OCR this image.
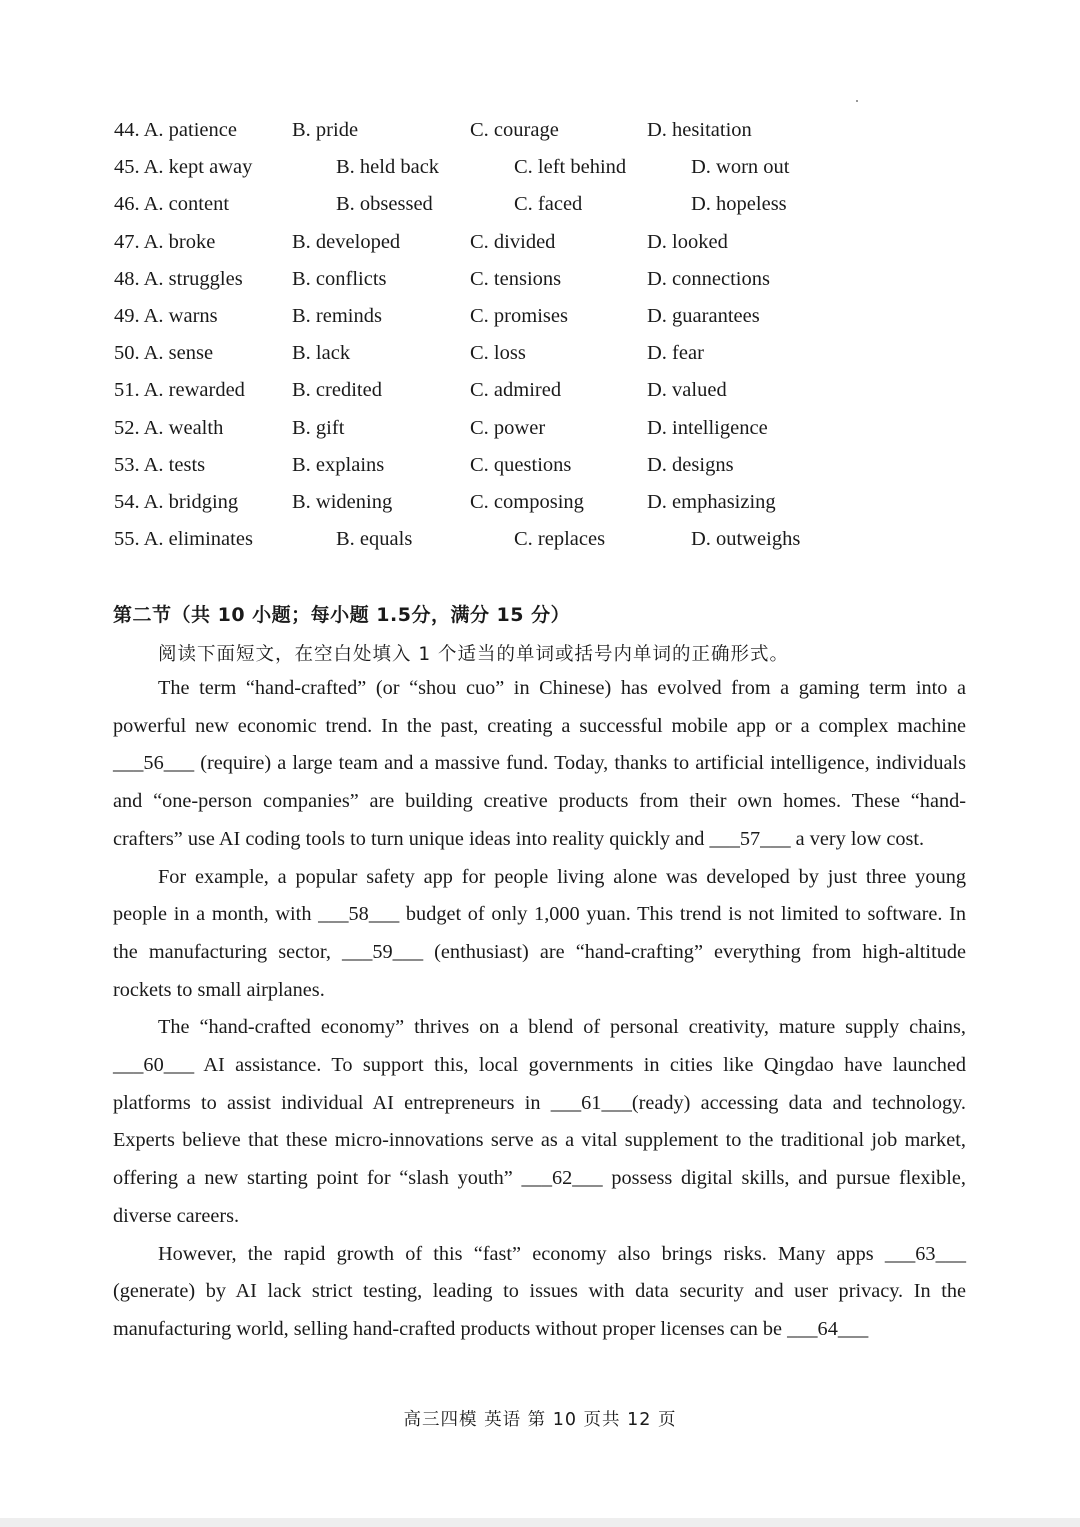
44. A. patience	B. pride	C. courage	D. hesitation
45. A. kept away	B. held back	C. left behind	D. worn out
46. A. content	B. obsessed	C. faced	D. hopeless
47. A. broke	B. developed	C. divided	D. looked
48. A. struggles B. conflicts	C. tensions	D. connections
49. A. warns	B. reminds	C. promises	D. guarantees
50. A. sense	B. lack	C. loss	D. fear
51. A. rewarded B. credited	C. admired	D. valued
52. A. wealth	B. gift	C. power	D. intelligence
53. A. tests	B. explains	C. questions	D. designs
54. A. bridging	B. widening	C. composing	D. emphasizing
55. A. eliminates	B. equals	C. replaces	D. outweighs
第二节（共 10 小题；每小题 1.5分，满分 15 分）
阅读下面短文，在空白处填入 1 个适当的单词或括号内单词的正确形式。

The term “hand-crafted” (or “shou cuo” in Chinese) has evolved from a gaming term into a powerful new economic trend. In the past, creating a successful mobile app or a complex machine ___56___ (require) a large team and a massive fund. Today, thanks to artificial intelligence, individuals and “one-person companies” are building creative products from their own homes. These “hand-crafters” use AI coding tools to turn unique ideas into reality quickly and ___57___ a very low cost.

For example, a popular safety app for people living alone was developed by just three young people in a month, with ___58___ budget of only 1,000 yuan. This trend is not limited to software. In the manufacturing sector, ___59___ (enthusiast) are “hand-crafting” everything from high-altitude rockets to small airplanes.

The “hand-crafted economy” thrives on a blend of personal creativity, mature supply chains, ___60___ AI assistance. To support this, local governments in cities like Qingdao have launched platforms to assist individual AI entrepreneurs in ___61___(ready) accessing data and technology. Experts believe that these micro-innovations serve as a vital supplement to the traditional job market, offering a new starting point for “slash youth” ___62___ possess digital skills, and pursue flexible, diverse careers.

However, the rapid growth of this “fast” economy also brings risks. Many apps ___63___ (generate) by AI lack strict testing, leading to issues with data security and user privacy. In the manufacturing world, selling hand-crafted products without proper licenses can be ___64___

高三四模 英语 第 10 页共 12 页
